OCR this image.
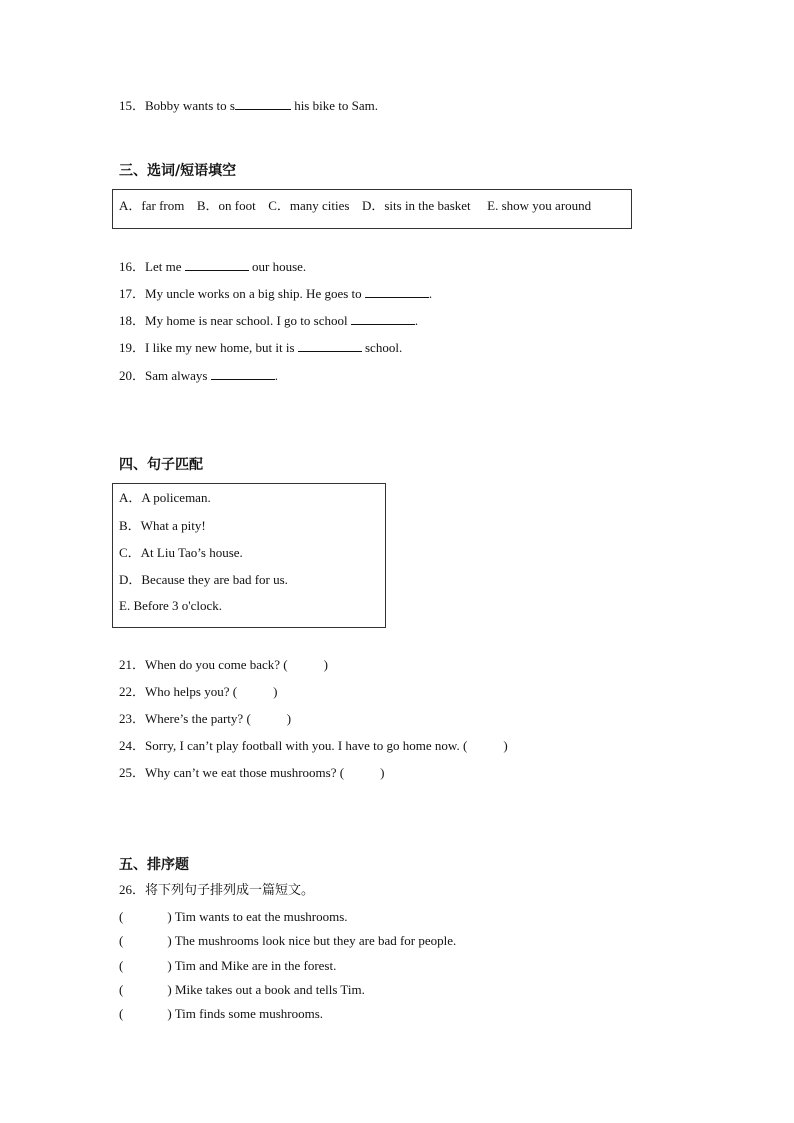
15．Bobby wants to s	his bike to Sam.
三、选词/短语填空
A．far from B．on foot C．many cities D．sits in the basket E. show you around
16．Let me	our house.
17．My uncle works on a big ship. He goes to	.
18．My home is near school. I go to school	.
19．I like my new home, but it is	school.
20．Sam always	.
四、句子匹配
A．A policeman.
B．What a pity!
C．At Liu Tao’s house.
D．Because they are bad for us.
E. Before 3 o'clock.
21．When do you come back? (	)
22．Who helps you? (	)
23．Where’s the party? (	)
24．Sorry, I can’t play football with you. I have to go home now. (	)
25．Why can’t we eat those mushrooms? (	)
五、排序题
26．将下列句子排列成一篇短文。
(	) Tim wants to eat the mushrooms.
(	) The mushrooms look nice but they are bad for people.
(	) Tim and Mike are in the forest.
(	) Mike takes out a book and tells Tim.
(	) Tim finds some mushrooms.
